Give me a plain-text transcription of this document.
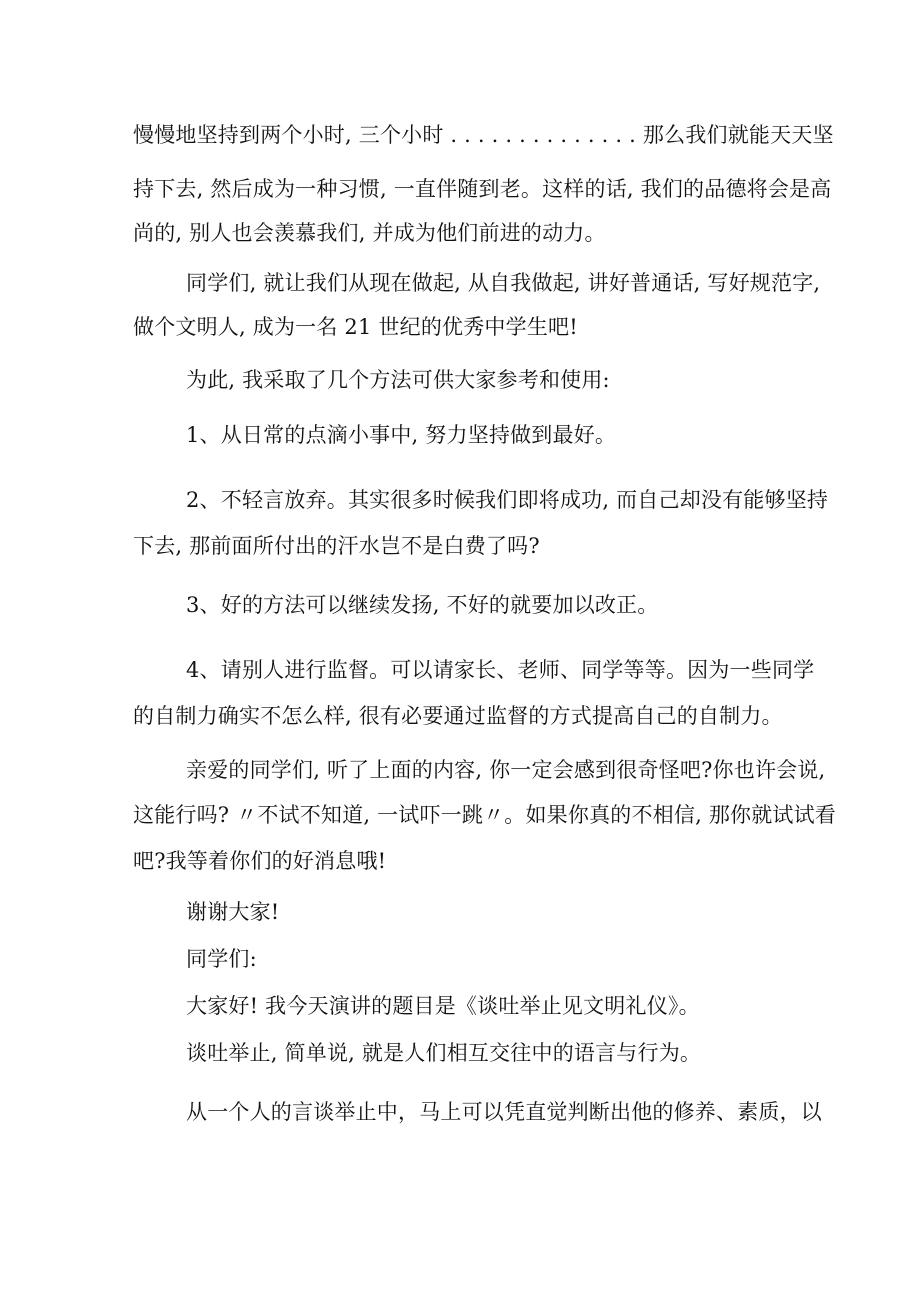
慢慢地坚持到两个小时, 三个小时 . . . . . . . . . . . . . . 那么我们就能天天坚
持下去, 然后成为一种习惯, 一直伴随到老。这样的话, 我们的品德将会是高
尚的, 别人也会羡慕我们, 并成为他们前进的动力。
同学们, 就让我们从现在做起, 从自我做起, 讲好普通话, 写好规范字,
做个文明人, 成为一名 21 世纪的优秀中学生吧!
为此, 我采取了几个方法可供大家参考和使用:
1、从日常的点滴小事中, 努力坚持做到最好。
2、不轻言放弃。其实很多时候我们即将成功, 而自己却没有能够坚持
下去, 那前面所付出的汗水岂不是白费了吗?
3、好的方法可以继续发扬, 不好的就要加以改正。
4、请别人进行监督。可以请家长、老师、同学等等。因为一些同学
的自制力确实不怎么样, 很有必要通过监督的方式提高自己的自制力。
亲爱的同学们, 听了上面的内容, 你一定会感到很奇怪吧?你也许会说,
这能行吗? 〃不试不知道, 一试吓一跳〃。如果你真的不相信, 那你就试试看
吧?我等着你们的好消息哦!
谢谢大家!
同学们:
大家好! 我今天演讲的题目是《谈吐举止见文明礼仪》。
谈吐举止, 简单说, 就是人们相互交往中的语言与行为。
从一个人的言谈举止中，马上可以凭直觉判断出他的修养、素质，以
